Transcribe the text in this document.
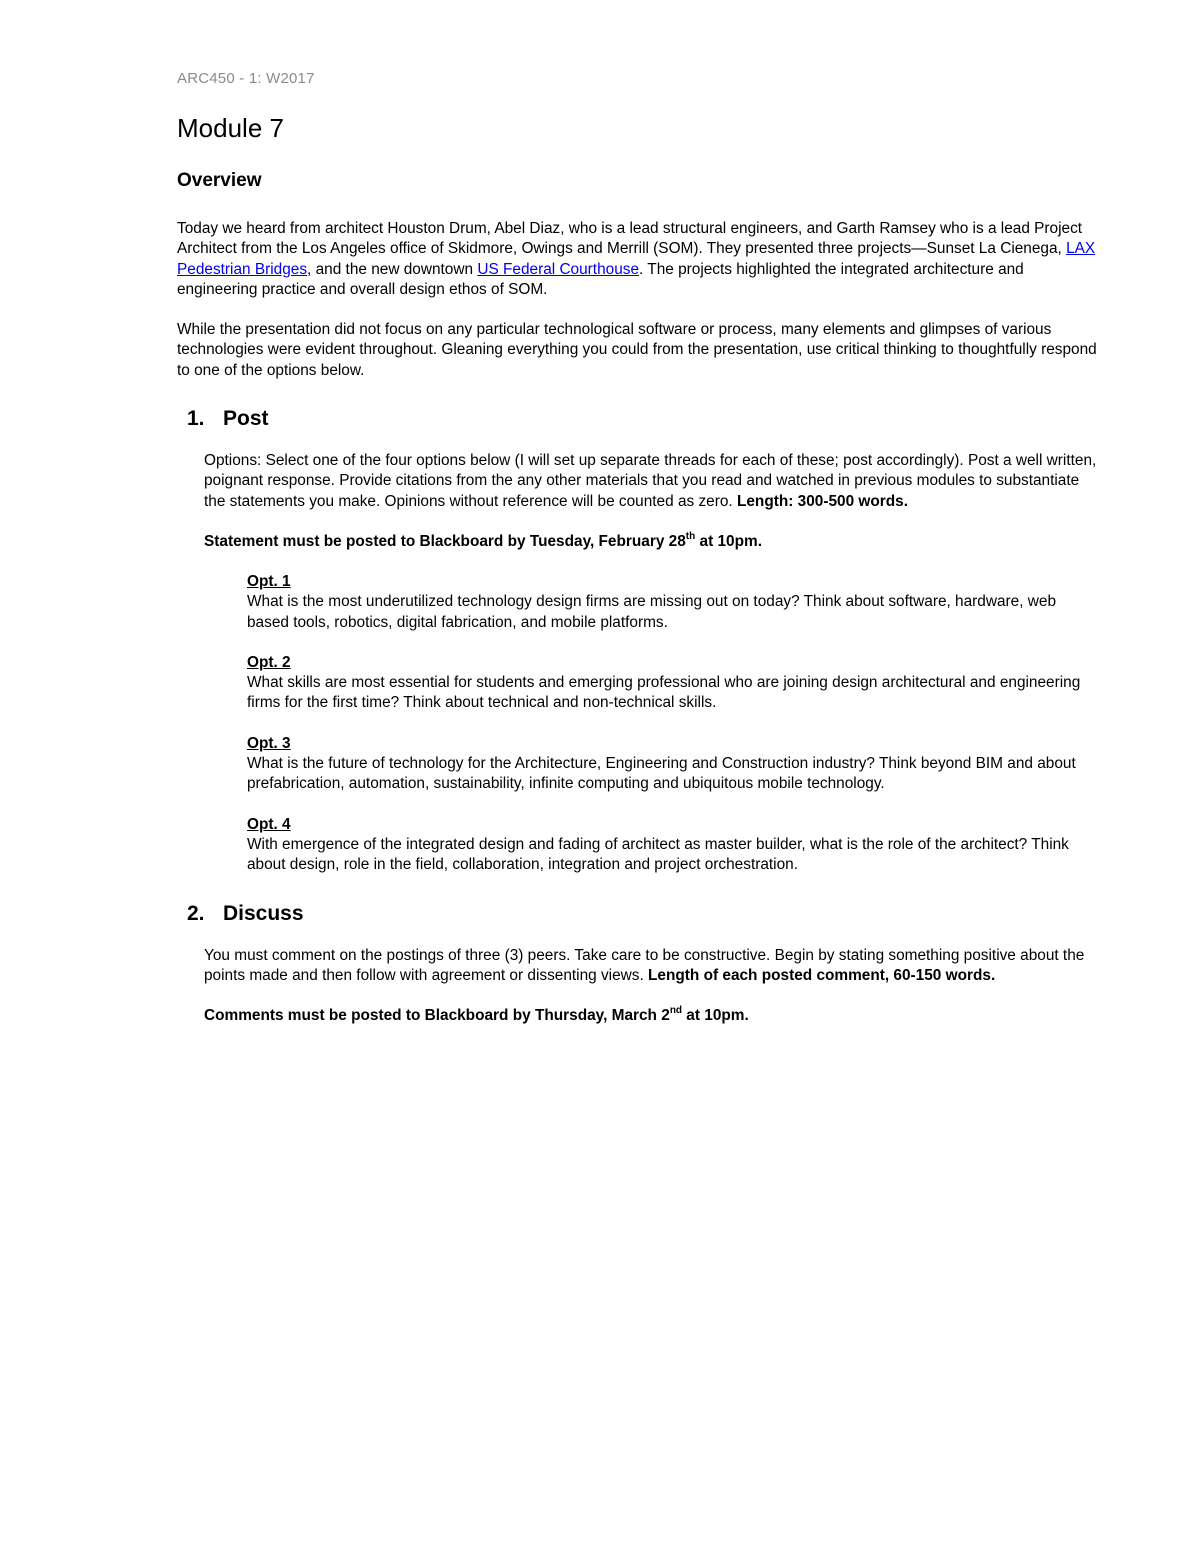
ARC450 - 1: W2017
Module 7
Overview

Today we heard from architect Houston Drum, Abel Diaz, who is a lead structural engineers, and Garth Ramsey who is a lead Project Architect from the Los Angeles office of Skidmore, Owings and Merrill (SOM). They presented three projects—Sunset La Cienega, LAX Pedestrian Bridges, and the new downtown US Federal Courthouse. The projects highlighted the integrated architecture and engineering practice and overall design ethos of SOM.

While the presentation did not focus on any particular technological software or process, many elements and glimpses of various technologies were evident throughout. Gleaning everything you could from the presentation, use critical thinking to thoughtfully respond to one of the options below.

1. Post

Options: Select one of the four options below (I will set up separate threads for each of these; post accordingly). Post a well written, poignant response. Provide citations from the any other materials that you read and watched in previous modules to substantiate the statements you make. Opinions without reference will be counted as zero. Length: 300-500 words.

Statement must be posted to Blackboard by Tuesday, February 28th at 10pm.
Opt. 1
What is the most underutilized technology design firms are missing out on today? Think about software, hardware, web based tools, robotics, digital fabrication, and mobile platforms.
Opt. 2
What skills are most essential for students and emerging professional who are joining design architectural and engineering firms for the first time? Think about technical and non-technical skills.
Opt. 3
What is the future of technology for the Architecture, Engineering and Construction industry? Think beyond BIM and about prefabrication, automation, sustainability, infinite computing and ubiquitous mobile technology.
Opt. 4
With emergence of the integrated design and fading of architect as master builder, what is the role of the architect? Think about design, role in the field, collaboration, integration and project orchestration.
2. Discuss

You must comment on the postings of three (3) peers. Take care to be constructive. Begin by stating something positive about the points made and then follow with agreement or dissenting views. Length of each posted comment, 60-150 words.

Comments must be posted to Blackboard by Thursday, March 2nd at 10pm.
